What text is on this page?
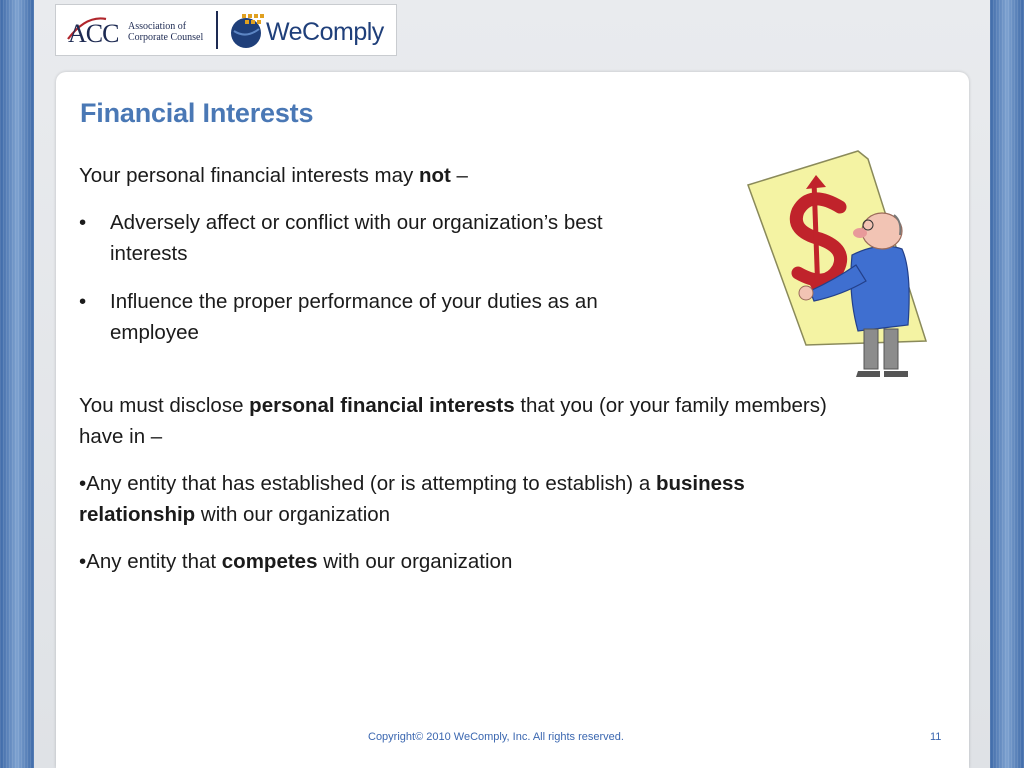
ACC Association of
Corporate Counsel	WeComply
Financial Interests
Your personal financial interests may not –
•	Adversely affect or conflict with our organization’s best
interests
•	Influence the proper performance of your duties as an
employee
You must disclose personal financial interests that you (or your family members)
have in –
•Any entity that has established (or is attempting to establish) a business
relationship with our organization
•Any entity that competes with our organization
Copyright© 2010 WeComply, Inc. All rights reserved.	11
